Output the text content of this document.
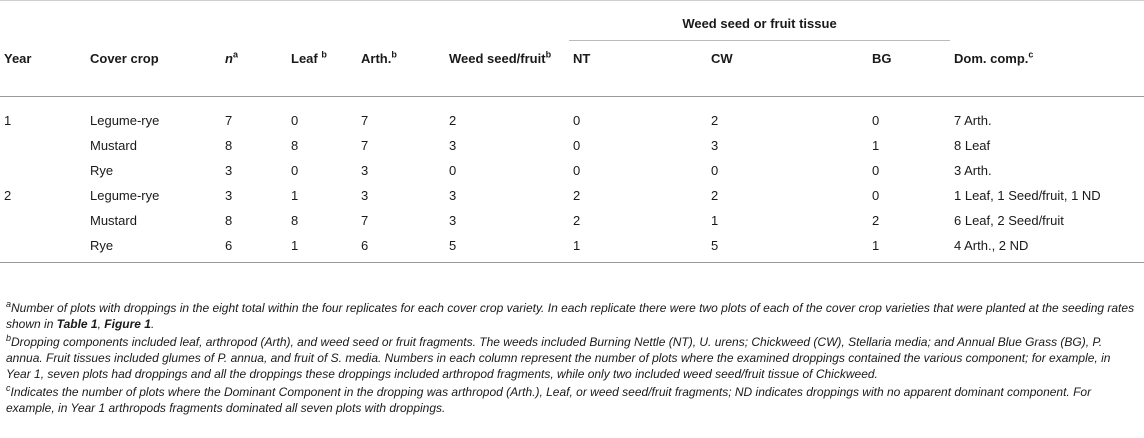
						Weed seed or fruit tissue			
Year	Cover crop	$n^a$	Leaf $^b$	Arth.$^b$	Weed seed/fruit$^b$	NT	CW	BG	Dom. comp.$^c$
1	Legume-rye	7	0	7	2	0	2	0	7 Arth.
	Mustard	8	8	7	3	0	3	1	8 Leaf
	Rye	3	0	3	0	0	0	0	3 Arth.
2	Legume-rye	3	1	3	3	2	2	0	1 Leaf, 1 Seed/fruit, 1 ND
	Mustard	8	8	7	3	2	1	2	6 Leaf, 2 Seed/fruit
	Rye	6	1	6	5	1	5	1	4 Arth., 2 ND

$^a$Number of plots with droppings in the eight total within the four replicates for each cover crop variety. In each replicate there were two plots of each of the cover crop varieties that were planted at the seeding rates shown in Table 1, Figure 1.

$^b$Dropping components included leaf, arthropod (Arth), and weed seed or fruit fragments. The weeds included Burning Nettle (NT), U. urens; Chickweed (CW), Stellaria media; and Annual Blue Grass (BG), P. annua. Fruit tissues included glumes of P. annua, and fruit of S. media. Numbers in each column represent the number of plots where the examined droppings contained the various component; for example, in Year 1, seven plots had droppings and all the droppings these droppings included arthropod fragments, while only two included weed seed/fruit tissue of Chickweed.

$^c$Indicates the number of plots where the Dominant Component in the dropping was arthropod (Arth.), Leaf, or weed seed/fruit fragments; ND indicates droppings with no apparent dominant component. For example, in Year 1 arthropods fragments dominated all seven plots with droppings.
